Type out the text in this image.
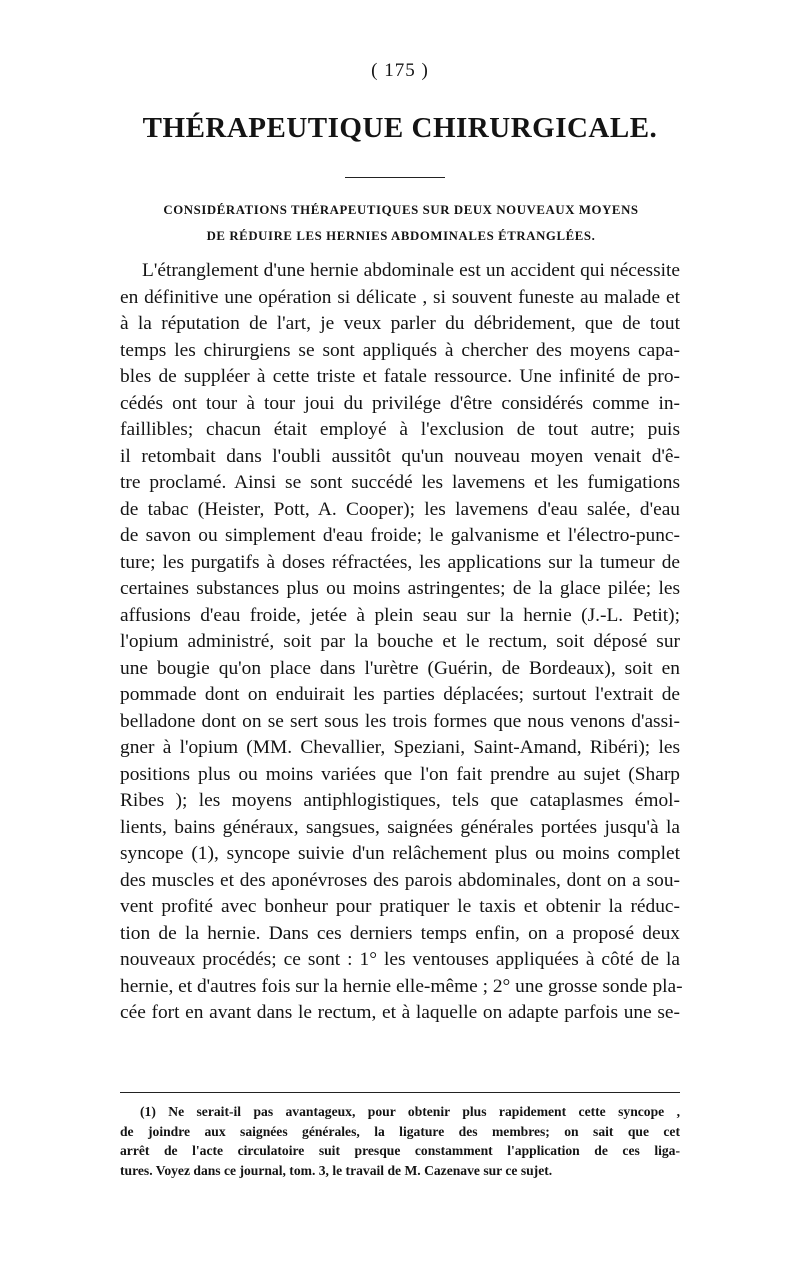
( 175 )
THÉRAPEUTIQUE CHIRURGICALE.
CONSIDÉRATIONS THÉRAPEUTIQUES SUR DEUX NOUVEAUX MOYENS
DE RÉDUIRE LES HERNIES ABDOMINALES ÉTRANGLÉES.
L'étranglement d'une hernie abdominale est un accident qui nécessite
en définitive une opération si délicate , si souvent funeste au malade et
à la réputation de l'art, je veux parler du débridement, que de tout
temps les chirurgiens se sont appliqués à chercher des moyens capa-
bles de suppléer à cette triste et fatale ressource. Une infinité de pro-
cédés ont tour à tour joui du privilége d'être considérés comme in-
faillibles; chacun était employé à l'exclusion de tout autre; puis
il retombait dans l'oubli aussitôt qu'un nouveau moyen venait d'ê-
tre proclamé. Ainsi se sont succédé les lavemens et les fumigations
de tabac (Heister, Pott, A. Cooper); les lavemens d'eau salée, d'eau
de savon ou simplement d'eau froide; le galvanisme et l'électro-punc-
ture; les purgatifs à doses réfractées, les applications sur la tumeur de
certaines substances plus ou moins astringentes; de la glace pilée; les
affusions d'eau froide, jetée à plein seau sur la hernie (J.-L. Petit);
l'opium administré, soit par la bouche et le rectum, soit déposé sur
une bougie qu'on place dans l'urètre (Guérin, de Bordeaux), soit en
pommade dont on enduirait les parties déplacées; surtout l'extrait de
belladone dont on se sert sous les trois formes que nous venons d'assi-
gner à l'opium (MM. Chevallier, Speziani, Saint-Amand, Ribéri); les
positions plus ou moins variées que l'on fait prendre au sujet (Sharp
Ribes ); les moyens antiphlogistiques, tels que cataplasmes émol-
lients, bains généraux, sangsues, saignées générales portées jusqu'à la
syncope (1), syncope suivie d'un relâchement plus ou moins complet
des muscles et des aponévroses des parois abdominales, dont on a sou-
vent profité avec bonheur pour pratiquer le taxis et obtenir la réduc-
tion de la hernie. Dans ces derniers temps enfin, on a proposé deux
nouveaux procédés; ce sont : 1° les ventouses appliquées à côté de la
hernie, et d'autres fois sur la hernie elle-même ; 2° une grosse sonde pla-
cée fort en avant dans le rectum, et à laquelle on adapte parfois une se-
(1) Ne serait-il pas avantageux, pour obtenir plus rapidement cette syncope ,
de joindre aux saignées générales, la ligature des membres; on sait que cet
arrêt de l'acte circulatoire suit presque constamment l'application de ces liga-
tures. Voyez dans ce journal, tom. 3, le travail de M. Cazenave sur ce sujet.
